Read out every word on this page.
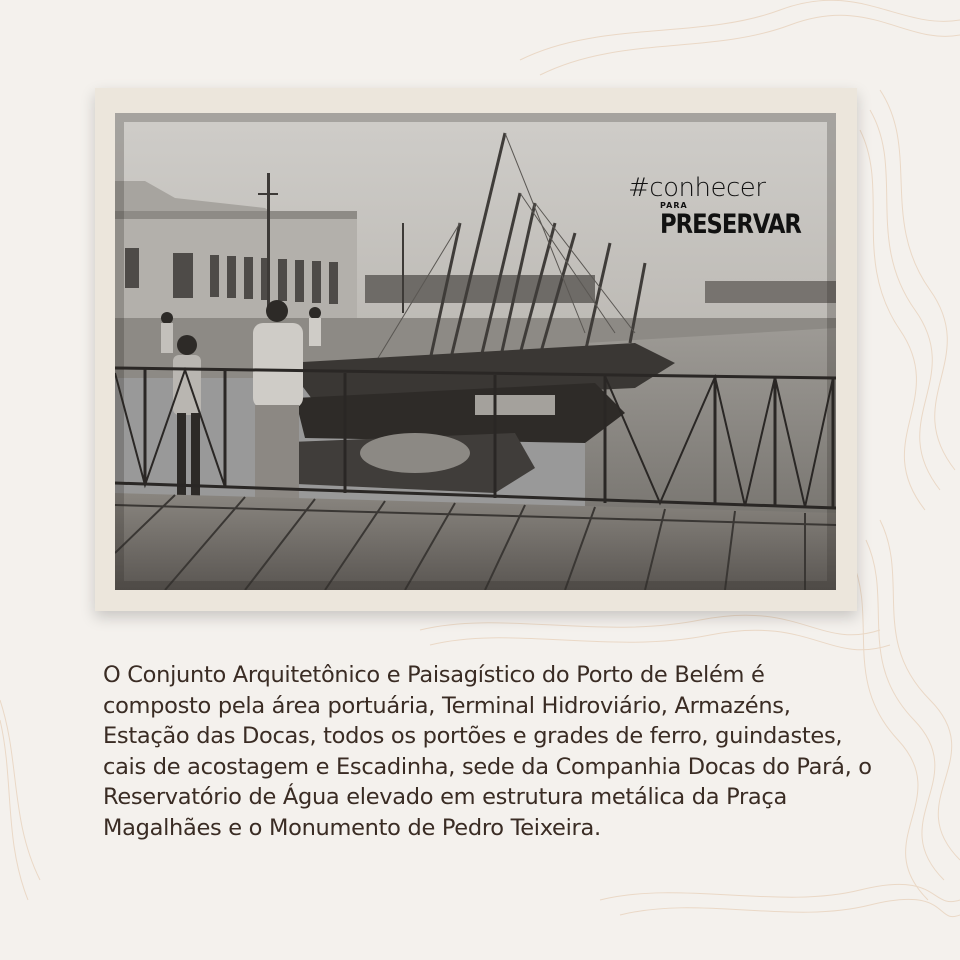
#conhecer
PARA
PRESERVAR

O Conjunto Arquitetônico e Paisagístico do Porto de Belém é composto pela área portuária, Terminal Hidroviário, Armazéns, Estação das Docas, todos os portões e grades de ferro, guindastes, cais de acostagem e Escadinha, sede da Companhia Docas do Pará, o Reservatório de Água elevado em estrutura metálica da Praça Magalhães e o Monumento de Pedro Teixeira.
